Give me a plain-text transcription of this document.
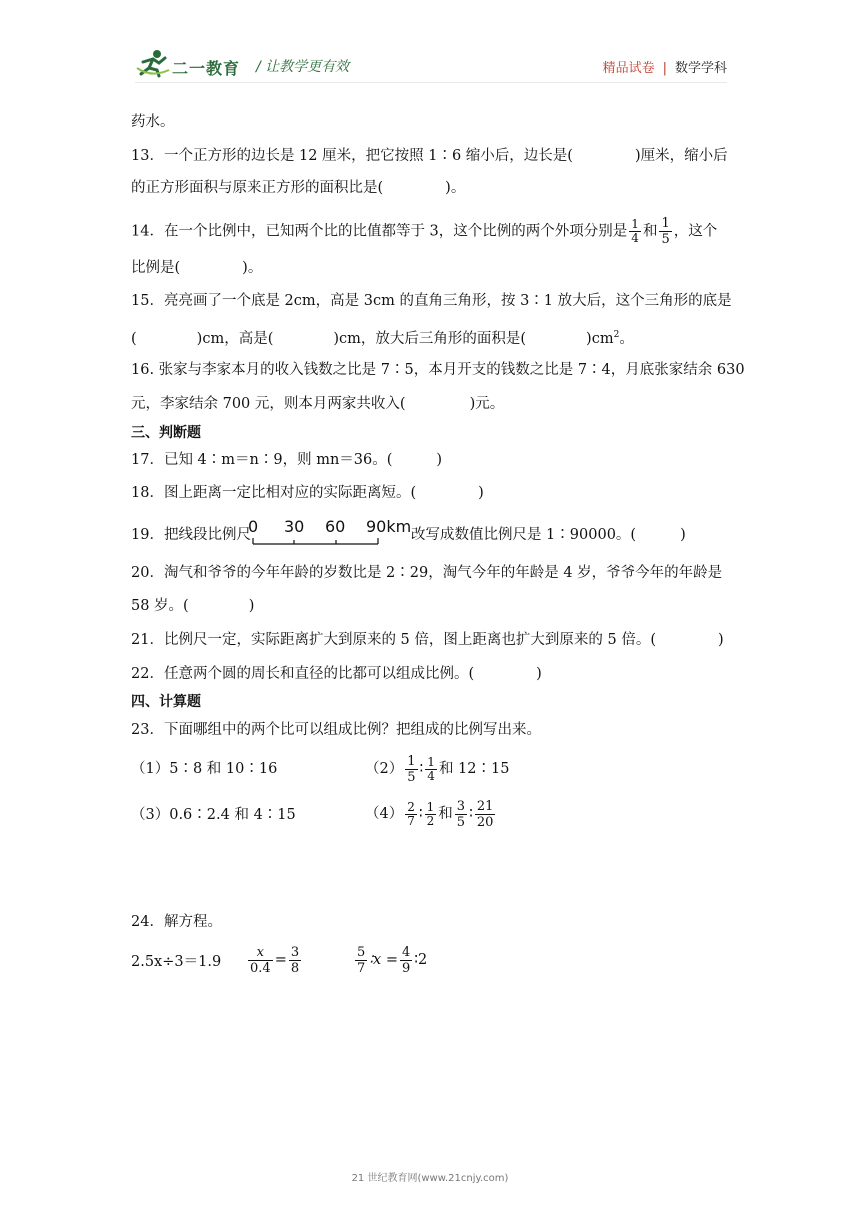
二一教育 / 让教学更有效	精品试卷 | 数学学科
药水。
13．一个正方形的边长是 12 厘米，把它按照 1∶6 缩小后，边长是(	)厘米，缩小后
的正方形面积与原来正方形的面积比是(	)。
14．在一个比例中，已知两个比的比值都等于 3，这个比例的两个外项分别是 $\frac{1}{4}$ 和 $\frac{1}{5}$ ，这个
比例是(	)。
15．亮亮画了一个底是 2cm，高是 3cm 的直角三角形，按 3∶1 放大后，这个三角形的底是
(	)cm，高是(	)cm，放大后三角形的面积是(	)$cm^2$。
16. 张家与李家本月的收入钱数之比是 7∶5，本月开支的钱数之比是 7∶4，月底张家结余 630
元，李家结余 700 元，则本月两家共收入(	)元。
三、判断题
17．已知 4∶m＝n∶9，则 mn＝36。(	)
18．图上距离一定比相对应的实际距离短。(	)
19．把线段比例尺
0 30 60 90km 改写成数值比例尺是 1∶90000。(	)
20．淘气和爷爷的今年年龄的岁数比是 2∶29，淘气今年的年龄是 4 岁，爷爷今年的年龄是
58 岁。(	)
21．比例尺一定，实际距离扩大到原来的 5 倍，图上距离也扩大到原来的 5 倍。(	)
22．任意两个圆的周长和直径的比都可以组成比例。(	)
四、计算题
23．下面哪组中的两个比可以组成比例？把组成的比例写出来。
（1）5∶8 和 10∶16	$(2) \frac{1}{5}$ ∶ $\frac{1}{4}$ 和 12∶15
（3）0.6∶2.4 和 4∶15	$(4) \frac{2}{7}$ ∶ $\frac{1}{2}$ 和 $\frac{3}{5}$ ∶ $\frac{21}{20}$
24．解方程。
$2.5x\div 3=1.9 \frac{x}{0.4} = \frac{3}{8}$	$\frac{5}{7}$ ∶x = $\frac{4}{9}$ ∶2
21 世纪教育网(www.21cnjy.com)
